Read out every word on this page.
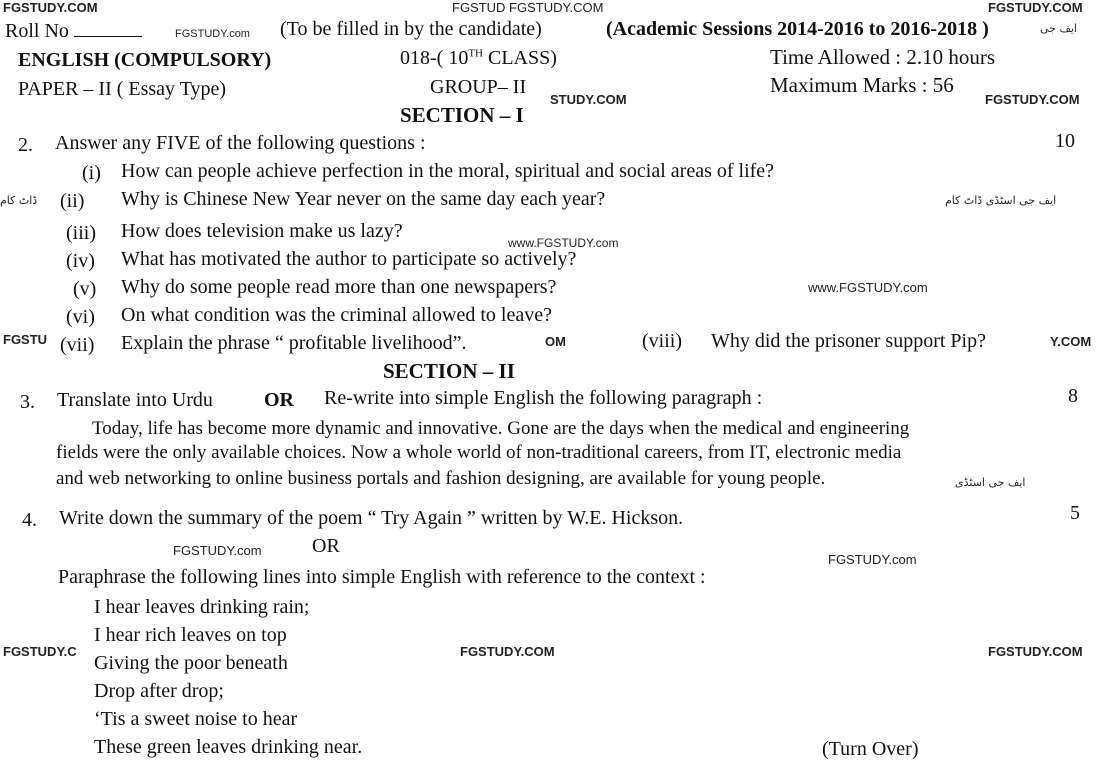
FGSTUDY.COM	FGSTUD FGSTUDY.COM	FGSTUDY.COM
Roll No	FGSTUDY.com (To be filled in by the candidate)	(Academic Sessions 2014-2016 to 2016-2018 )	ایف جی
ENGLISH (COMPULSORY)	018-( 10TH CLASS)	Time Allowed : 2.10 hours
PAPER – II ( Essay Type)	GROUP– II
STUDY.COM
Maximum Marks : 56
FGSTUDY.COM
SECTION – I
2. Answer any FIVE of the following questions :	10
(i) How can people achieve perfection in the moral, spiritual and social areas of life?
ڈاٹ کام (ii) Why is Chinese New Year never on the same day each year?	ایف جی اسٹڈی ڈاٹ کام
(iii) How does television make us lazy?
www.FGSTUDY.com
(iv) What has motivated the author to participate so actively?
(v) Why do some people read more than one newspapers?	www.FGSTUDY.com
(vi) On what condition was the criminal allowed to leave?
FGSTU (vii) Explain the phrase “ profitable livelihood”.	OM	(viii) Why did the prisoner support Pip?	Y.COM
SECTION – II
3. Translate into Urdu	OR Re-write into simple English the following paragraph :	8
Today, life has become more dynamic and innovative. Gone are the days when the medical and engineering
fields were the only available choices. Now a whole world of non-traditional careers, from IT, electronic media
and web networking to online business portals and fashion designing, are available for young people.	ایف جی اسٹڈی
4. Write down the summary of the poem “ Try Again ” written by W.E. Hickson.	5
FGSTUDY.com	OR
FGSTUDY.com
Paraphrase the following lines into simple English with reference to the context :
I hear leaves drinking rain;
I hear rich leaves on top
FGSTUDY.C	FGSTUDY.COM	FGSTUDY.COM
Giving the poor beneath
Drop after drop;
‘Tis a sweet noise to hear
These green leaves drinking near.	(Turn Over)
